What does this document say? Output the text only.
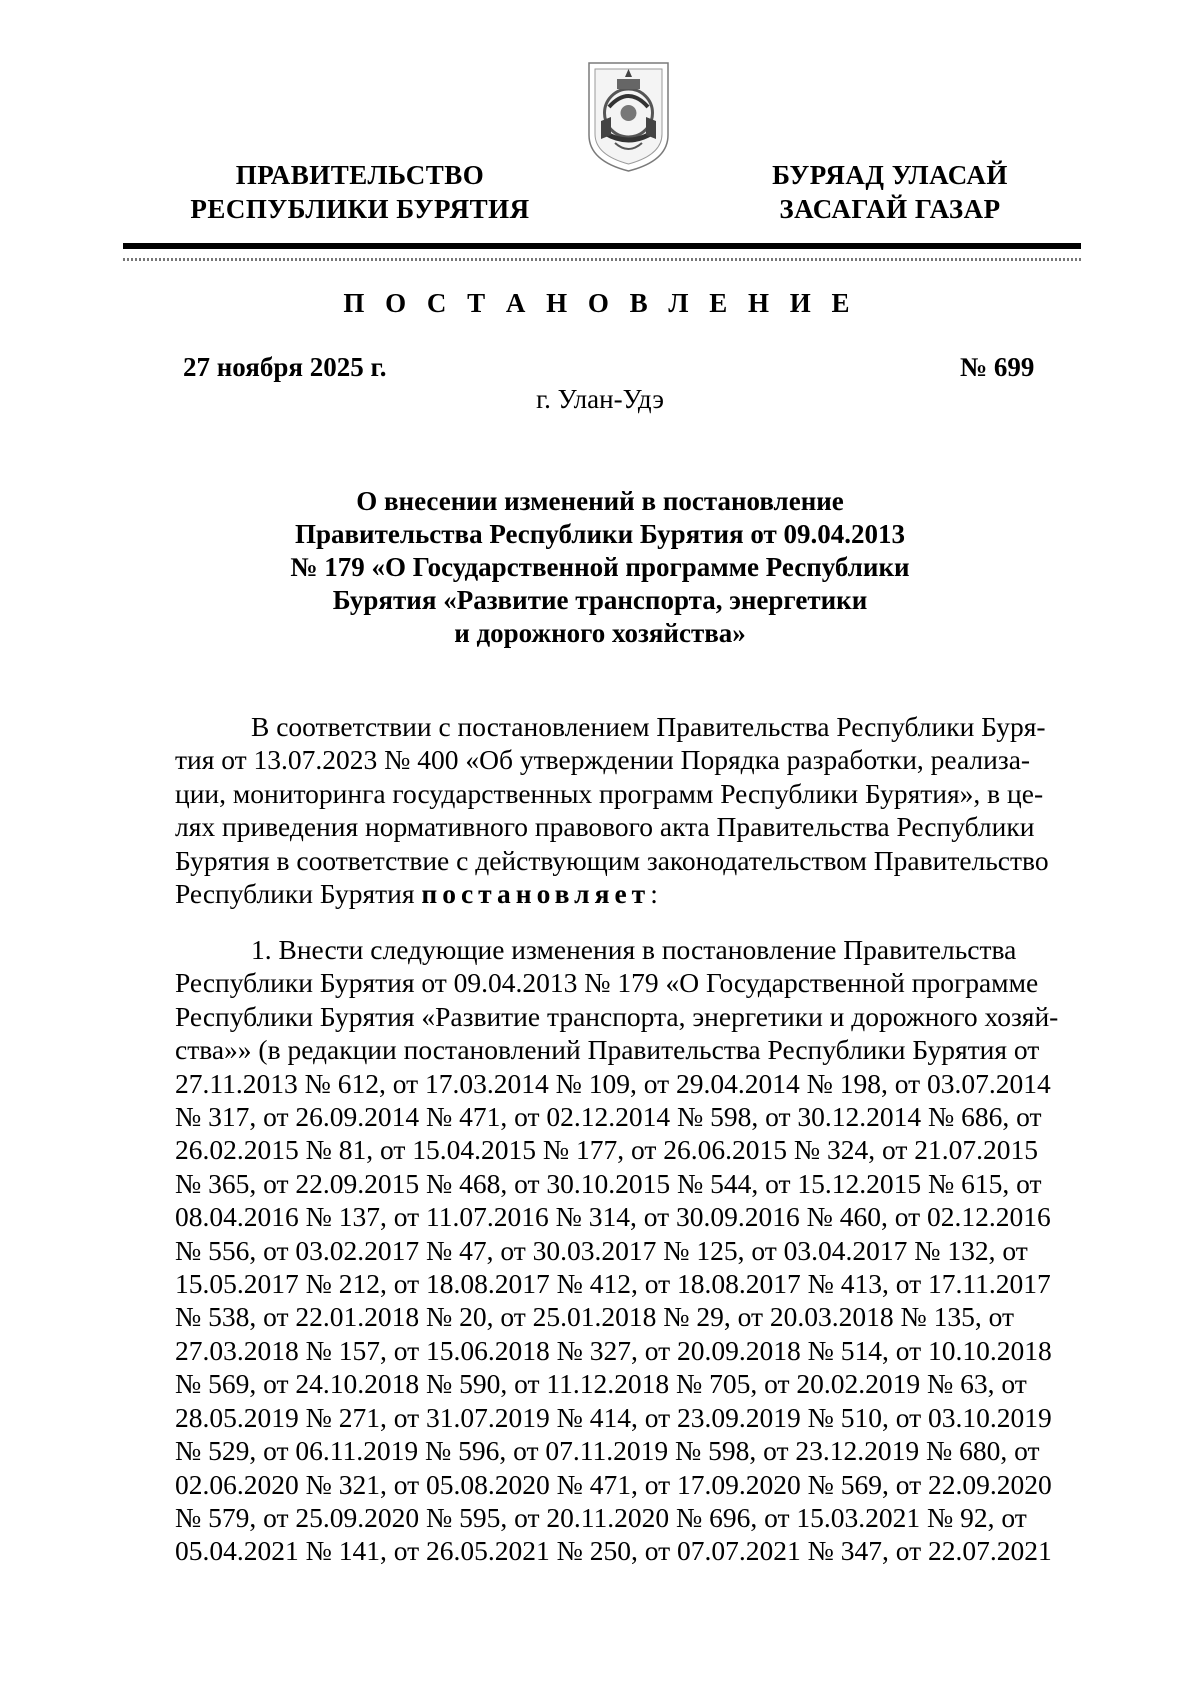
ПРАВИТЕЛЬСТВО
РЕСПУБЛИКИ БУРЯТИЯ
БУРЯАД УЛАСАЙ
ЗАСАГАЙ ГАЗАР
П О С Т А Н О В Л Е Н И Е
27 ноября 2025 г.	№ 699
г. Улан-Удэ
О внесении изменений в постановление
Правительства Республики Бурятия от 09.04.2013
№ 179 «О Государственной программе Республики
Бурятия «Развитие транспорта, энергетики
и дорожного хозяйства»
В соответствии с постановлением Правительства Республики Буря-
тия от 13.07.2023 № 400 «Об утверждении Порядка разработки, реализа-
ции, мониторинга государственных программ Республики Бурятия», в це-
лях приведения нормативного правового акта Правительства Республики
Бурятия в соответствие с действующим законодательством Правительство
Республики Бурятия постановляет:
1. Внести следующие изменения в постановление Правительства
Республики Бурятия от 09.04.2013 № 179 «О Государственной программе
Республики Бурятия «Развитие транспорта, энергетики и дорожного хозяй-
ства»» (в редакции постановлений Правительства Республики Бурятия от
27.11.2013 № 612, от 17.03.2014 № 109, от 29.04.2014 № 198, от 03.07.2014
№ 317, от 26.09.2014 № 471, от 02.12.2014 № 598, от 30.12.2014 № 686, от
26.02.2015 № 81, от 15.04.2015 № 177, от 26.06.2015 № 324, от 21.07.2015
№ 365, от 22.09.2015 № 468, от 30.10.2015 № 544, от 15.12.2015 № 615, от
08.04.2016 № 137, от 11.07.2016 № 314, от 30.09.2016 № 460, от 02.12.2016
№ 556, от 03.02.2017 № 47, от 30.03.2017 № 125, от 03.04.2017 № 132, от
15.05.2017 № 212, от 18.08.2017 № 412, от 18.08.2017 № 413, от 17.11.2017
№ 538, от 22.01.2018 № 20, от 25.01.2018 № 29, от 20.03.2018 № 135, от
27.03.2018 № 157, от 15.06.2018 № 327, от 20.09.2018 № 514, от 10.10.2018
№ 569, от 24.10.2018 № 590, от 11.12.2018 № 705, от 20.02.2019 № 63, от
28.05.2019 № 271, от 31.07.2019 № 414, от 23.09.2019 № 510, от 03.10.2019
№ 529, от 06.11.2019 № 596, от 07.11.2019 № 598, от 23.12.2019 № 680, от
02.06.2020 № 321, от 05.08.2020 № 471, от 17.09.2020 № 569, от 22.09.2020
№ 579, от 25.09.2020 № 595, от 20.11.2020 № 696, от 15.03.2021 № 92, от
05.04.2021 № 141, от 26.05.2021 № 250, от 07.07.2021 № 347, от 22.07.2021
